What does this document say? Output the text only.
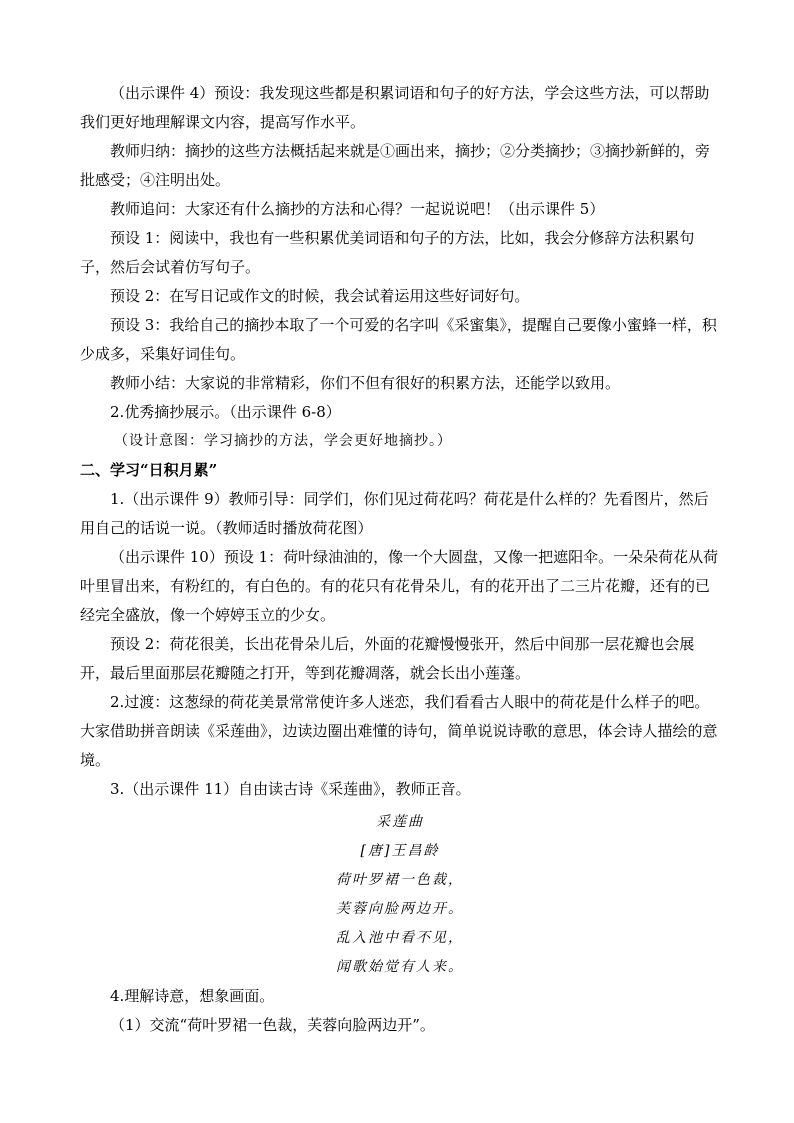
（出示课件 4）预设：我发现这些都是积累词语和句子的好方法，学会这些方法，可以帮助我们更好地理解课文内容，提高写作水平。

教师归纳：摘抄的这些方法概括起来就是①画出来，摘抄；②分类摘抄；③摘抄新鲜的，旁批感受；④注明出处。

教师追问：大家还有什么摘抄的方法和心得？一起说说吧！（出示课件 5）

预设 1：阅读中，我也有一些积累优美词语和句子的方法，比如，我会分修辞方法积累句子，然后会试着仿写句子。

预设 2：在写日记或作文的时候，我会试着运用这些好词好句。

预设 3：我给自己的摘抄本取了一个可爱的名字叫《采蜜集》，提醒自己要像小蜜蜂一样，积少成多，采集好词佳句。

教师小结：大家说的非常精彩，你们不但有很好的积累方法，还能学以致用。

2.优秀摘抄展示。（出示课件 6-8）

（设计意图：学习摘抄的方法，学会更好地摘抄。）

二、学习“日积月累”

1.（出示课件 9）教师引导：同学们，你们见过荷花吗？荷花是什么样的？先看图片，然后用自己的话说一说。（教师适时播放荷花图）

（出示课件 10）预设 1：荷叶绿油油的，像一个大圆盘，又像一把遮阳伞。一朵朵荷花从荷叶里冒出来，有粉红的，有白色的。有的花只有花骨朵儿，有的花开出了二三片花瓣，还有的已经完全盛放，像一个婷婷玉立的少女。

预设 2：荷花很美，长出花骨朵儿后，外面的花瓣慢慢张开，然后中间那一层花瓣也会展开，最后里面那层花瓣随之打开，等到花瓣凋落，就会长出小莲蓬。

2.过渡：这葱绿的荷花美景常常使许多人迷恋，我们看看古人眼中的荷花是什么样子的吧。大家借助拼音朗读《采莲曲》，边读边圈出难懂的诗句，简单说说诗歌的意思，体会诗人描绘的意境。

3.（出示课件 11）自由读古诗《采莲曲》，教师正音。

采莲曲

[唐]王昌龄

荷叶罗裙一色裁，

芙蓉向脸两边开。

乱入池中看不见，

闻歌始觉有人来。

4.理解诗意，想象画面。

（1）交流“荷叶罗裙一色裁，芙蓉向脸两边开”。
